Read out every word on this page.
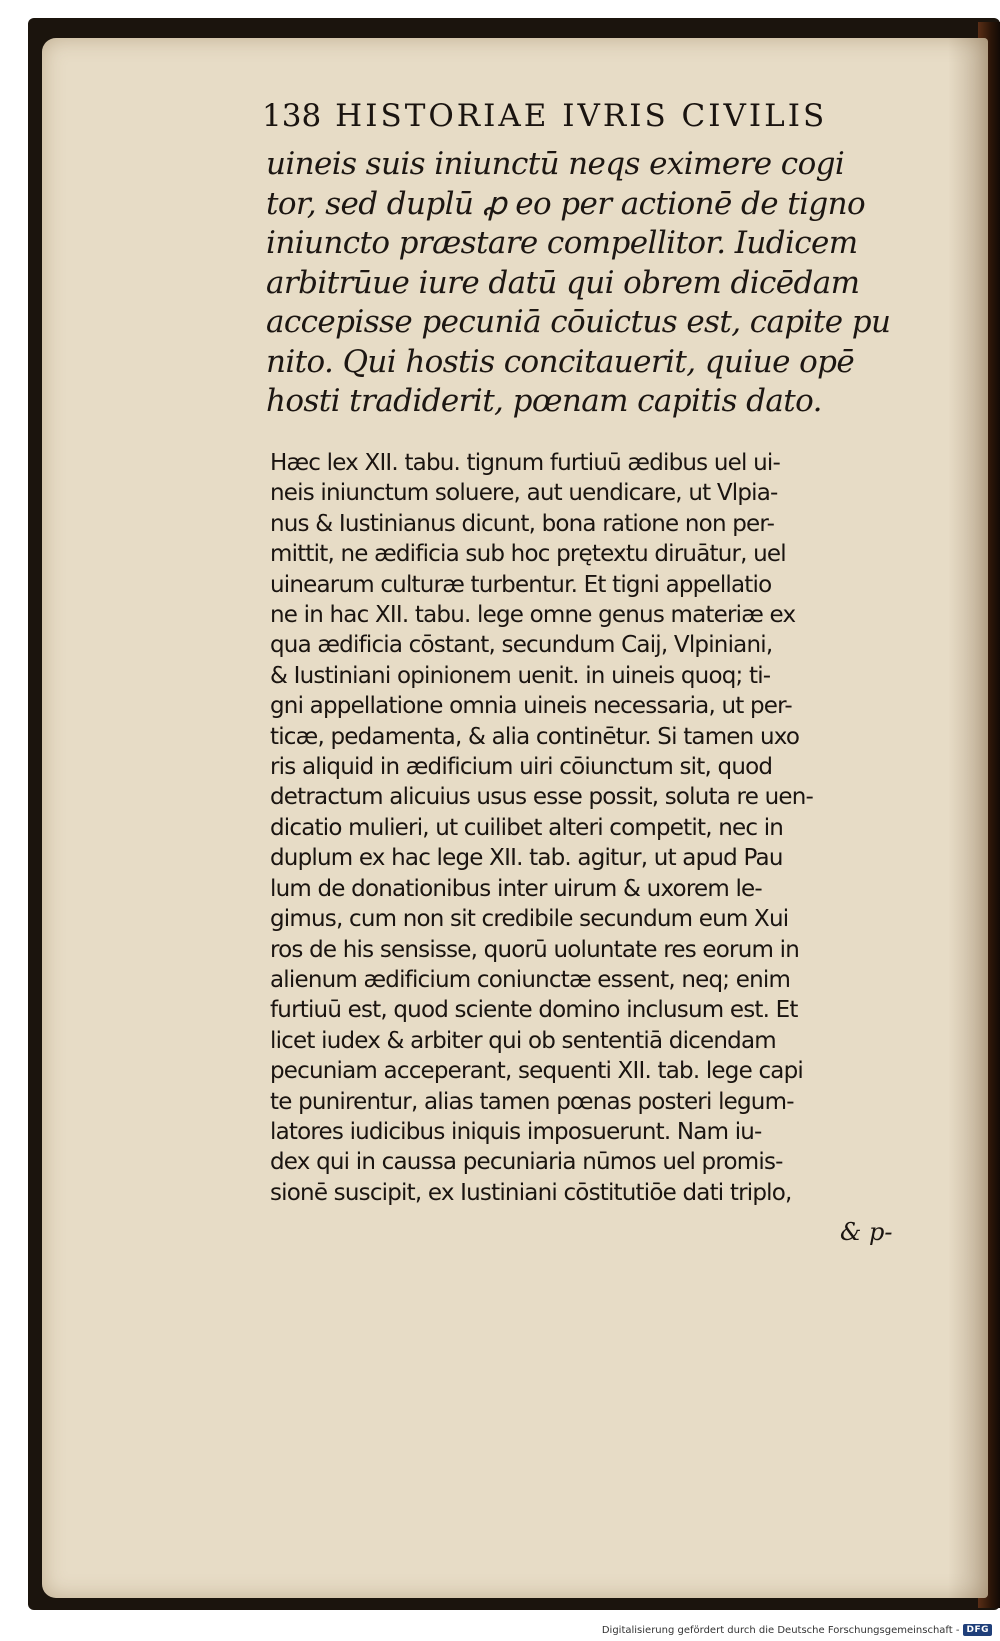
138 HISTORIAE IVRIS CIVILIS
uineis suis iniunctū neqs eximere cogi
tor, sed duplū ꝓ eo per actionē de tigno
iniuncto præstare compellitor. Iudicem
arbitrūue iure datū qui obrem dicēdam
accepisse pecuniā cōuictus est, capite pu
nito. Qui hostis concitauerit, quiue opē
hosti tradiderit, pœnam capitis dato.
Hæc lex XII. tabu. tignum furtiuū ædibus uel ui-
neis iniunctum soluere, aut uendicare, ut Vlpia-
nus & Iustinianus dicunt, bona ratione non per-
mittit, ne ædificia sub hoc prętextu diruātur, uel
uinearum culturæ turbentur. Et tigni appellatio
ne in hac XII. tabu. lege omne genus materiæ ex
qua ædificia cōstant, secundum Caij, Vlpiniani,
& Iustiniani opinionem uenit. in uineis quoq; ti-
gni appellatione omnia uineis necessaria, ut per-
ticæ, pedamenta, & alia continētur. Si tamen uxo
ris aliquid in ædificium uiri cōiunctum sit, quod
detractum alicuius usus esse possit, soluta re uen-
dicatio mulieri, ut cuilibet alteri competit, nec in
duplum ex hac lege XII. tab. agitur, ut apud Pau
lum de donationibus inter uirum & uxorem le-
gimus, cum non sit credibile secundum eum Xui
ros de his sensisse, quorū uoluntate res eorum in
alienum ædificium coniunctæ essent, neq; enim
furtiuū est, quod sciente domino inclusum est. Et
licet iudex & arbiter qui ob sententiā dicendam
pecuniam acceperant, sequenti XII. tab. lege capi
te punirentur, alias tamen pœnas posteri legum-
latores iudicibus iniquis imposuerunt. Nam iu-
dex qui in caussa pecuniaria nūmos uel promis-
sionē suscipit, ex Iustiniani cōstitutiōe dati triplo,
& p-
Digitalisierung gefördert durch die Deutsche Forschungsgemeinschaft - DFG
